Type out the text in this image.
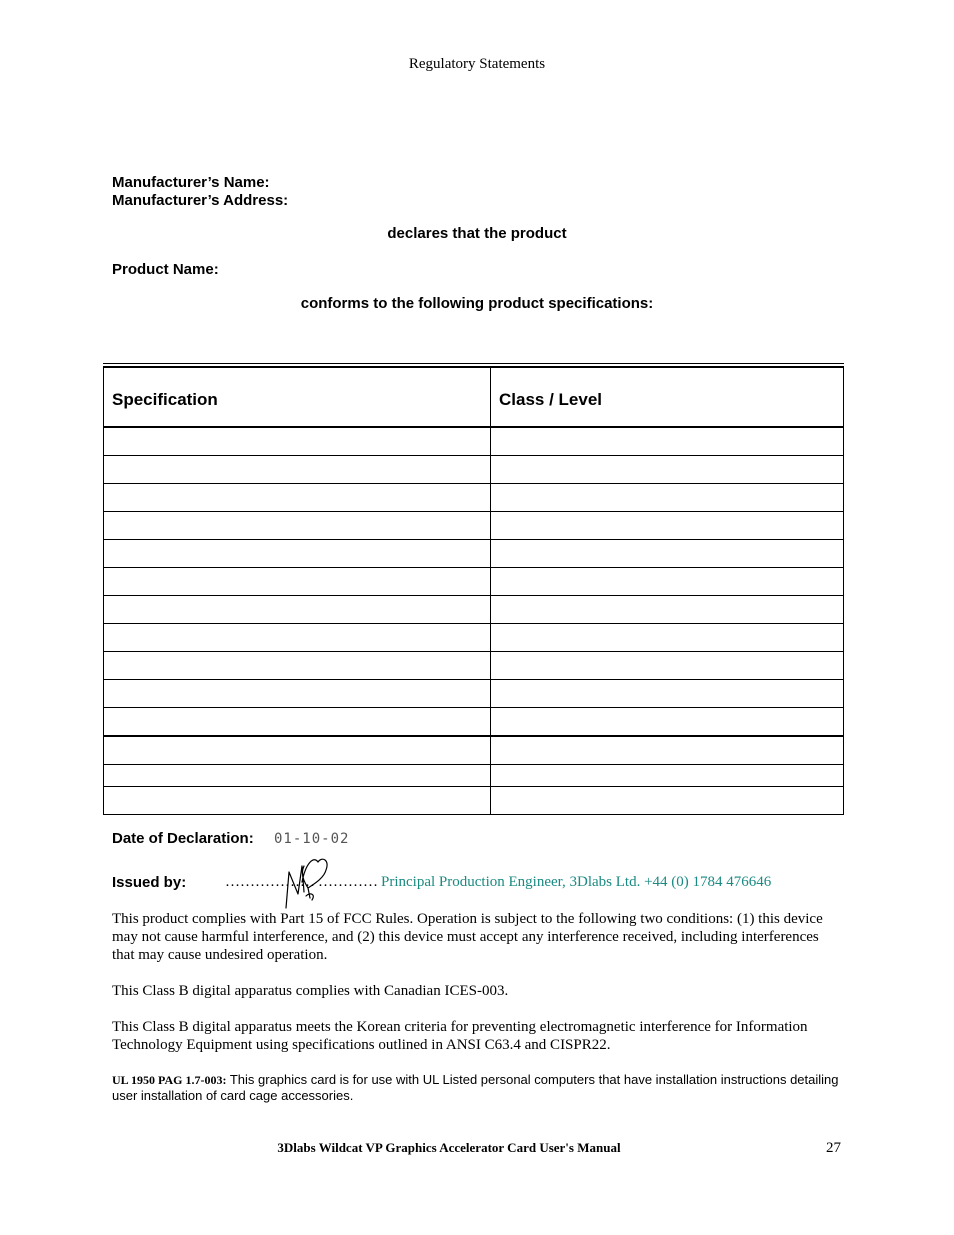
Regulatory Statements
Manufacturer’s Name:
Manufacturer’s Address:
declares that the product
Product Name:
conforms to the following product specifications:
Specification	Class / Level

Date of Declaration: 01-10-02
Issued by:	……………… ………… Principal Production Engineer, 3Dlabs Ltd. +44 (0) 1784 476646
This product complies with Part 15 of FCC Rules. Operation is subject to the following two conditions: (1) this device may not cause harmful interference, and (2) this device must accept any interference received, including interferences that may cause undesired operation.
This Class B digital apparatus complies with Canadian ICES-003.
This Class B digital apparatus meets the Korean criteria for preventing electromagnetic interference for Information Technology Equipment using specifications outlined in ANSI C63.4 and CISPR22.
UL 1950 PAG 1.7-003: This graphics card is for use with UL Listed personal computers that have installation instructions detailing user installation of card cage accessories.
3Dlabs Wildcat VP Graphics Accelerator Card User's Manual	27
